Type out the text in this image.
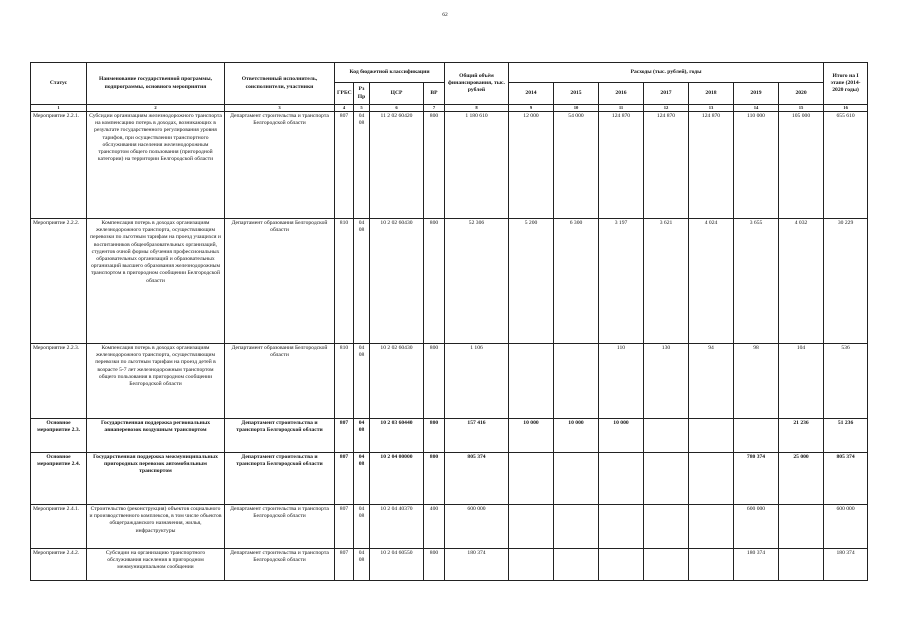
62
Статус	Наименование государственной программы, подпрограммы, основного мероприятия	Ответственный исполнитель, соисполнители, участники	Код бюджетной классификации				Общий объём финансирования, тыс. рублей	Расходы (тыс. рублей), годы							Итого на I этапе (2014-2020 годы)
			ГРБС	Рз Пр	ЦСР	ВР		2014	2015	2016	2017	2018	2019	2020	
1	2	3	4	5	6	7	8	9	10	11	12	13	14	15	16
Мероприятие 2.2.1.	Субсидии организациям железнодорожного транспорта на компенсацию потерь в доходах, возникающих в результате государственного регулирования уровня тарифов, при осуществлении транспортного обслуживания населения железнодорожным транспортом общего пользования (пригородной категории) на территории Белгородской области	Департамент строительства и транспорта Белгородской области	807	04 08	11 2 02 60420	800	1 180 610	12 000	54 000	124 870	124 870	124 870	110 000	105 000	655 610
Мероприятие 2.2.2.	Компенсация потерь в доходах организациям железнодорожного транспорта, осуществляющим перевозки по льготным тарифам на проезд учащихся и воспитанников общеобразовательных организаций, студентов очной формы обучения профессиональных образовательных организаций и образовательных организаций высшего образования железнодорожным транспортом в пригородном сообщении Белгородской области	Департамент образования Белгородской области	810	04 08	10 2 02 60430	800	52 306	5 200	6 300	3 197	3 621	4 024	3 655	4 032	30 229
Мероприятие 2.2.3.	Компенсация потерь в доходах организациям железнодорожного транспорта, осуществляющим перевозки по льготным тарифам на проезд детей в возрасте 5-7 лет железнодорожным транспортом общего пользования в пригородном сообщении Белгородской области	Департамент образования Белгородской области	810	04 08	10 2 02 60430	800	1 106			110	130	94	98	104	536
Основное мероприятие 2.3.	Государственная поддержка региональных авиаперевозок воздушным транспортом	Департамент строительства и транспорта Белгородской области	807	04 08	10 2 03 60440	800	157 416	10 000	10 000	10 000				21 236	51 236
Основное мероприятие 2.4.	Государственная поддержка межмуниципальных пригородных перевозок автомобильным транспортом	Департамент строительства и транспорта Белгородской области	807	04 08	10 2 04 00000	800	805 374						780 374	25 000	805 374
Мероприятие 2.4.1.	Строительство (реконструкция) объектов социального и производственного комплексов, в том числе объектов общегражданского назначения, жилья, инфраструктуры	Департамент строительства и транспорта Белгородской области	807	04 08	10 2 04 40370	400	600 000						600 000		600 000
Мероприятие 2.4.2.	Субсидии на организацию транспортного обслуживания населения в пригородном межмуниципальном сообщении	Департамент строительства и транспорта Белгородской области	807	04 08	10 2 04 60550	800	180 374						180 374		180 374
